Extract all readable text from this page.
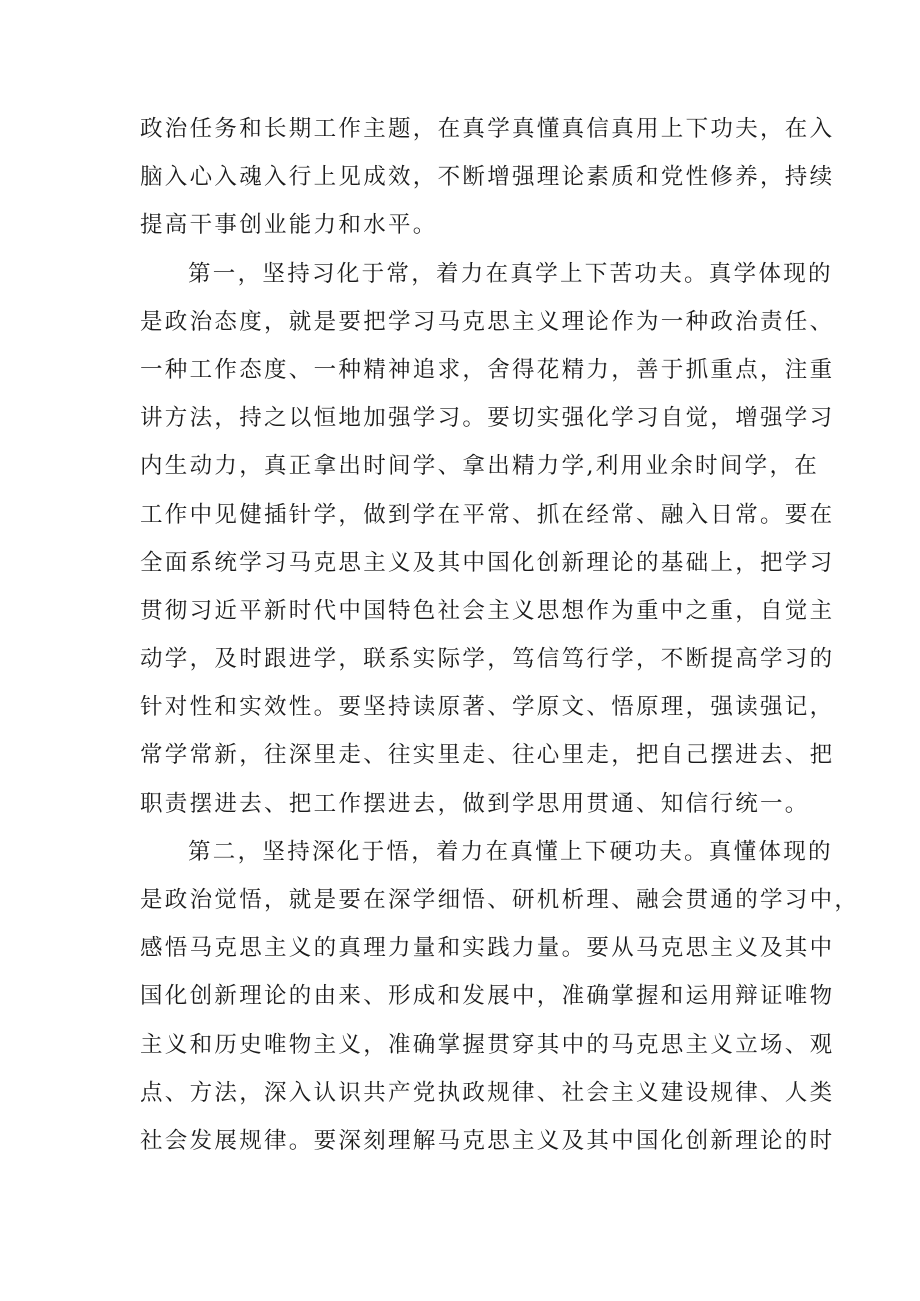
政治任务和长期工作主题，在真学真懂真信真用上下功夫，在入
脑入心入魂入行上见成效，不断增强理论素质和党性修养，持续
提高干事创业能力和水平。
第一，坚持习化于常，着力在真学上下苦功夫。真学体现的
是政治态度，就是要把学习马克思主义理论作为一种政治责任、
一种工作态度、一种精神追求，舍得花精力，善于抓重点，注重
讲方法，持之以恒地加强学习。要切实强化学习自觉，增强学习
内生动力，真正拿出时间学、拿出精力学,利用业余时间学，在
工作中见健插针学，做到学在平常、抓在经常、融入日常。要在
全面系统学习马克思主义及其中国化创新理论的基础上，把学习
贯彻习近平新时代中国特色社会主义思想作为重中之重，自觉主
动学，及时跟进学，联系实际学，笃信笃行学，不断提高学习的
针对性和实效性。要坚持读原著、学原文、悟原理，强读强记，
常学常新，往深里走、往实里走、往心里走，把自己摆进去、把
职责摆进去、把工作摆进去，做到学思用贯通、知信行统一。
第二，坚持深化于悟，着力在真懂上下硬功夫。真懂体现的
是政治觉悟，就是要在深学细悟、研机析理、融会贯通的学习中，
感悟马克思主义的真理力量和实践力量。要从马克思主义及其中
国化创新理论的由来、形成和发展中，准确掌握和运用辩证唯物
主义和历史唯物主义，准确掌握贯穿其中的马克思主义立场、观
点、方法，深入认识共产党执政规律、社会主义建设规律、人类
社会发展规律。要深刻理解马克思主义及其中国化创新理论的时
